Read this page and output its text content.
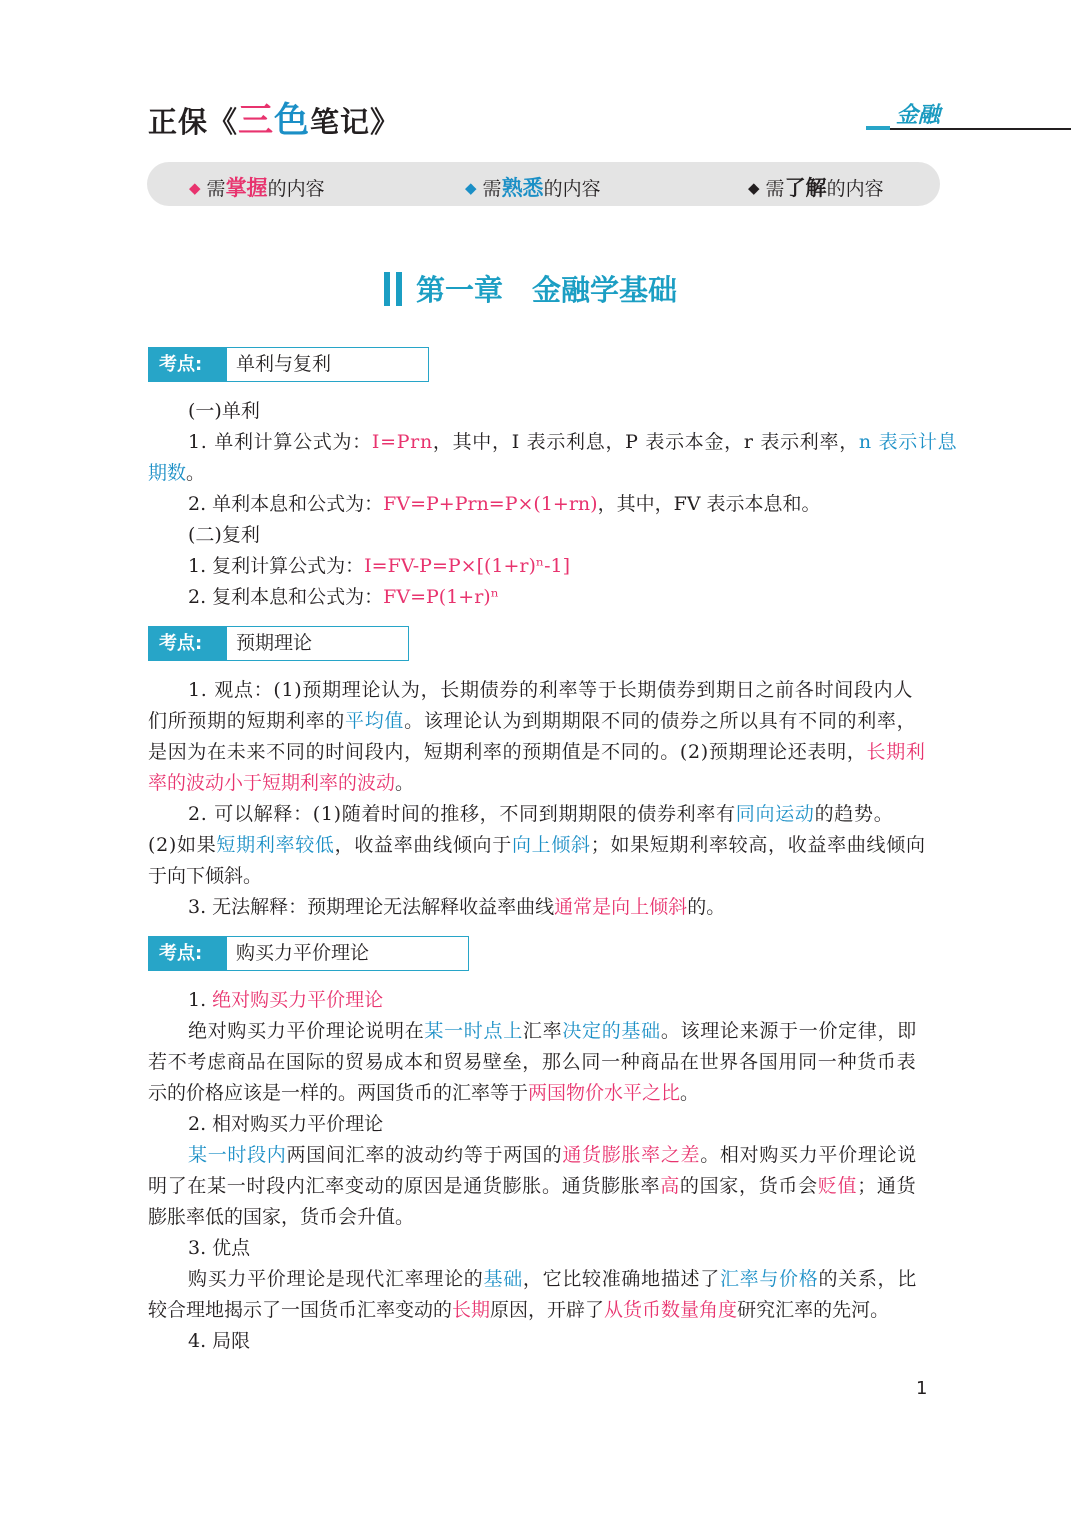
正保《三色笔记》	金融
◆ 需掌握的内容	◆ 需熟悉的内容	◆ 需了解的内容
第一章　金融学基础
考点:	单利与复利
(一)单利
1. 单利计算公式为：I=Prn，其中，I 表示利息，P 表示本金，r 表示利率，n 表示计息
期数。
2. 单利本息和公式为：FV=P+Prn=P×(1+rn)，其中，FV 表示本息和。
(二)复利
1. 复利计算公式为：I=FV-P=P×[(1+r)ⁿ-1]
2. 复利本息和公式为：FV=P(1+r)ⁿ
考点:	预期理论
1. 观点：(1)预期理论认为，长期债券的利率等于长期债券到期日之前各时间段内人
们所预期的短期利率的平均值。该理论认为到期期限不同的债券之所以具有不同的利率，
是因为在未来不同的时间段内，短期利率的预期值是不同的。(2)预期理论还表明，长期利
率的波动小于短期利率的波动。
2. 可以解释：(1)随着时间的推移，不同到期期限的债券利率有同向运动的趋势。
(2)如果短期利率较低，收益率曲线倾向于向上倾斜；如果短期利率较高，收益率曲线倾向
于向下倾斜。
3. 无法解释：预期理论无法解释收益率曲线通常是向上倾斜的。
考点:	购买力平价理论
1. 绝对购买力平价理论
绝对购买力平价理论说明在某一时点上汇率决定的基础。该理论来源于一价定律，即
若不考虑商品在国际的贸易成本和贸易壁垒，那么同一种商品在世界各国用同一种货币表
示的价格应该是一样的。两国货币的汇率等于两国物价水平之比。
2. 相对购买力平价理论
某一时段内两国间汇率的波动约等于两国的通货膨胀率之差。相对购买力平价理论说
明了在某一时段内汇率变动的原因是通货膨胀。通货膨胀率高的国家，货币会贬值；通货
膨胀率低的国家，货币会升值。
3. 优点
购买力平价理论是现代汇率理论的基础，它比较准确地描述了汇率与价格的关系，比
较合理地揭示了一国货币汇率变动的长期原因，开辟了从货币数量角度研究汇率的先河。
4. 局限
1
